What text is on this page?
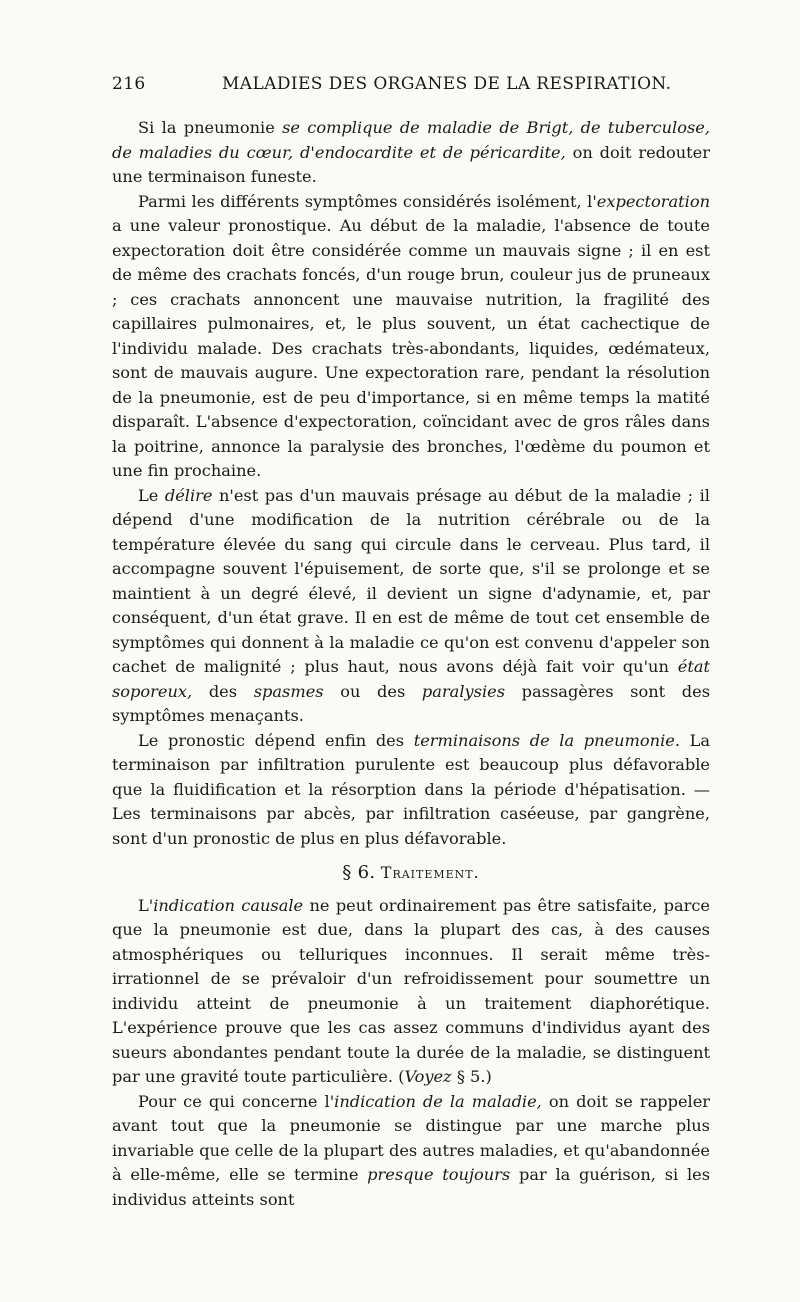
216	MALADIES DES ORGANES DE LA RESPIRATION.

Si la pneumonie se complique de maladie de Brigt, de tuberculose, de maladies du cœur, d'endocardite et de péricardite, on doit redouter une terminaison funeste.

Parmi les différents symptômes considérés isolément, l'expectoration a une valeur pronostique. Au début de la maladie, l'absence de toute expectoration doit être considérée comme un mauvais signe ; il en est de même des crachats foncés, d'un rouge brun, couleur jus de pruneaux ; ces crachats annoncent une mauvaise nutrition, la fragilité des capillaires pulmonaires, et, le plus souvent, un état cachectique de l'individu malade. Des crachats très-abondants, liquides, œdémateux, sont de mauvais augure. Une expectoration rare, pendant la résolution de la pneumonie, est de peu d'importance, si en même temps la matité disparaît. L'absence d'expectoration, coïncidant avec de gros râles dans la poitrine, annonce la paralysie des bronches, l'œdème du poumon et une fin prochaine.

Le délire n'est pas d'un mauvais présage au début de la maladie ; il dépend d'une modification de la nutrition cérébrale ou de la température élevée du sang qui circule dans le cerveau. Plus tard, il accompagne souvent l'épuisement, de sorte que, s'il se prolonge et se maintient à un degré élevé, il devient un signe d'adynamie, et, par conséquent, d'un état grave. Il en est de même de tout cet ensemble de symptômes qui donnent à la maladie ce qu'on est convenu d'appeler son cachet de malignité ; plus haut, nous avons déjà fait voir qu'un état soporeux, des spasmes ou des paralysies passagères sont des symptômes menaçants.

Le pronostic dépend enfin des terminaisons de la pneumonie. La terminaison par infiltration purulente est beaucoup plus défavorable que la fluidification et la résorption dans la période d'hépatisation. — Les terminaisons par abcès, par infiltration caséeuse, par gangrène, sont d'un pronostic de plus en plus défavorable.

§ 6. Traitement.

L'indication causale ne peut ordinairement pas être satisfaite, parce que la pneumonie est due, dans la plupart des cas, à des causes atmosphériques ou telluriques inconnues. Il serait même très-irrationnel de se prévaloir d'un refroidissement pour soumettre un individu atteint de pneumonie à un traitement diaphorétique. L'expérience prouve que les cas assez communs d'individus ayant des sueurs abondantes pendant toute la durée de la maladie, se distinguent par une gravité toute particulière. (Voyez § 5.)

Pour ce qui concerne l'indication de la maladie, on doit se rappeler avant tout que la pneumonie se distingue par une marche plus invariable que celle de la plupart des autres maladies, et qu'abandonnée à elle-même, elle se termine presque toujours par la guérison, si les individus atteints sont
